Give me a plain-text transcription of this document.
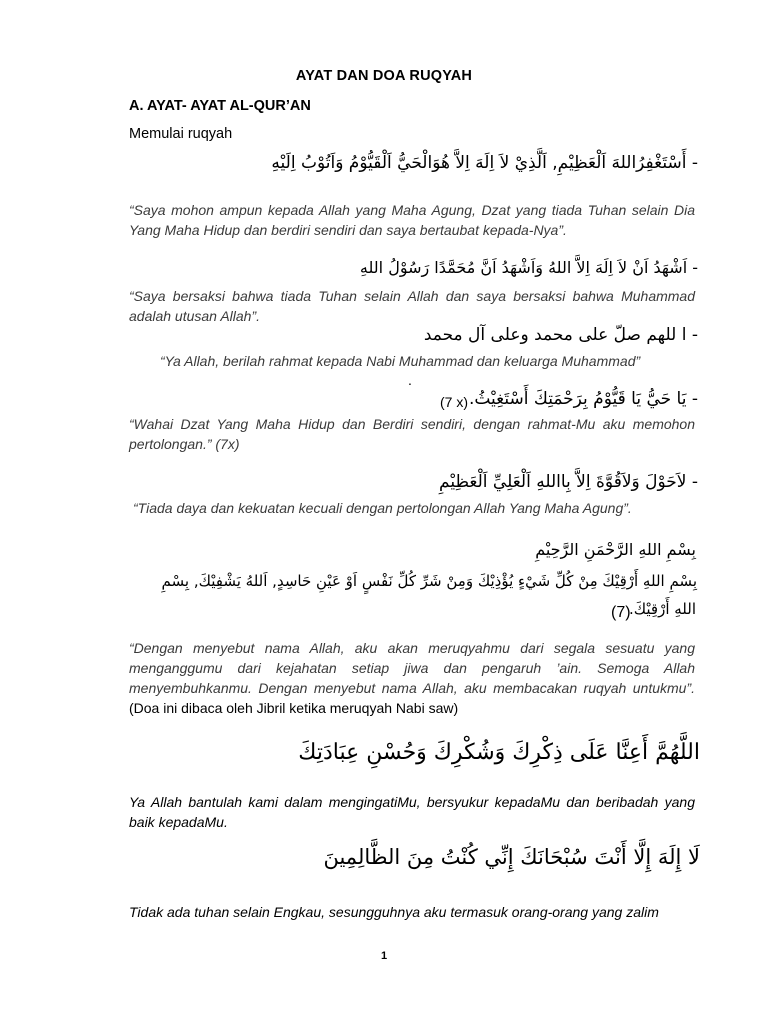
AYAT DAN DOA RUQYAH
A. AYAT- AYAT AL-QUR’AN
Memulai ruqyah
- أَسْتَغْفِرُاللهَ اَلْعَظِيْمِ, اَلَّذِيْ لاَ اِلَهَ اِلاَّ هُوَالْحَيُّ اَلْقَيُّوْمُ وَاَتُوْبُ اِلَيْهِ
“Saya mohon ampun kepada Allah yang Maha Agung, Dzat yang tiada Tuhan selain Dia Yang Maha Hidup dan berdiri sendiri dan saya bertaubat kepada-Nya”.
- اَشْهَدُ اَنْ لاَ اِلَهَ اِلاَّ اللهُ وَاَشْهَدُ اَنَّ مُحَمَّدًا رَسُوْلُ اللهِ
“Saya bersaksi bahwa tiada Tuhan selain Allah dan saya bersaksi bahwa Muhammad adalah utusan Allah”.
- ا للهم صلّ على محمد وعلى آل محمد
“Ya Allah, berilah rahmat kepada Nabi Muhammad dan keluarga Muhammad”
.
- يَا حَيُّ يَا قَيُّوْمُ بِرَحْمَتِكَ أَسْتَغِيْثُ.
(7 x)
“Wahai Dzat Yang Maha Hidup dan Berdiri sendiri, dengan rahmat-Mu aku memohon pertolongan.” (7x)
- لاَحَوْلَ وَلاَقُوَّةَ اِلاَّ بِااللهِ اَلْعَلِيِّ اَلْعَظِيْمِ
“Tiada daya dan kekuatan kecuali dengan pertolongan Allah Yang Maha Agung”.
بِسْمِ اللهِ الرَّحْمَنِ الرَّحِيْمِ
بِسْمِ اللهِ أَرْقِيْكَ مِنْ كُلِّ شَيْءٍ يُؤْذِيْكَ وَمِنْ شَرِّ كُلِّ نَفْسٍ اَوْ عَيْنِ حَاسِدٍ, اَللهُ يَشْفِيْكَ, بِسْمِ
اللهِ أَرْقِيْكَ.
(7)
“Dengan menyebut nama Allah, aku akan meruqyahmu dari segala sesuatu yang menganggumu dari kejahatan setiap jiwa dan pengaruh ’ain. Semoga Allah menyembuhkanmu. Dengan menyebut nama Allah, aku membacakan ruqyah untukmu”. (Doa ini dibaca oleh Jibril ketika meruqyah Nabi saw)
اللَّهُمَّ أَعِنَّا عَلَى ذِكْرِكَ وَشُكْرِكَ وَحُسْنِ عِبَادَتِكَ
Ya Allah bantulah kami dalam mengingatiMu, bersyukur kepadaMu dan beribadah yang baik kepadaMu.
لَا إِلَهَ إِلَّا أَنْتَ سُبْحَانَكَ إِنِّي كُنْتُ مِنَ الظَّالِمِينَ
Tidak ada tuhan selain Engkau, sesungguhnya aku termasuk orang-orang yang zalim
1
